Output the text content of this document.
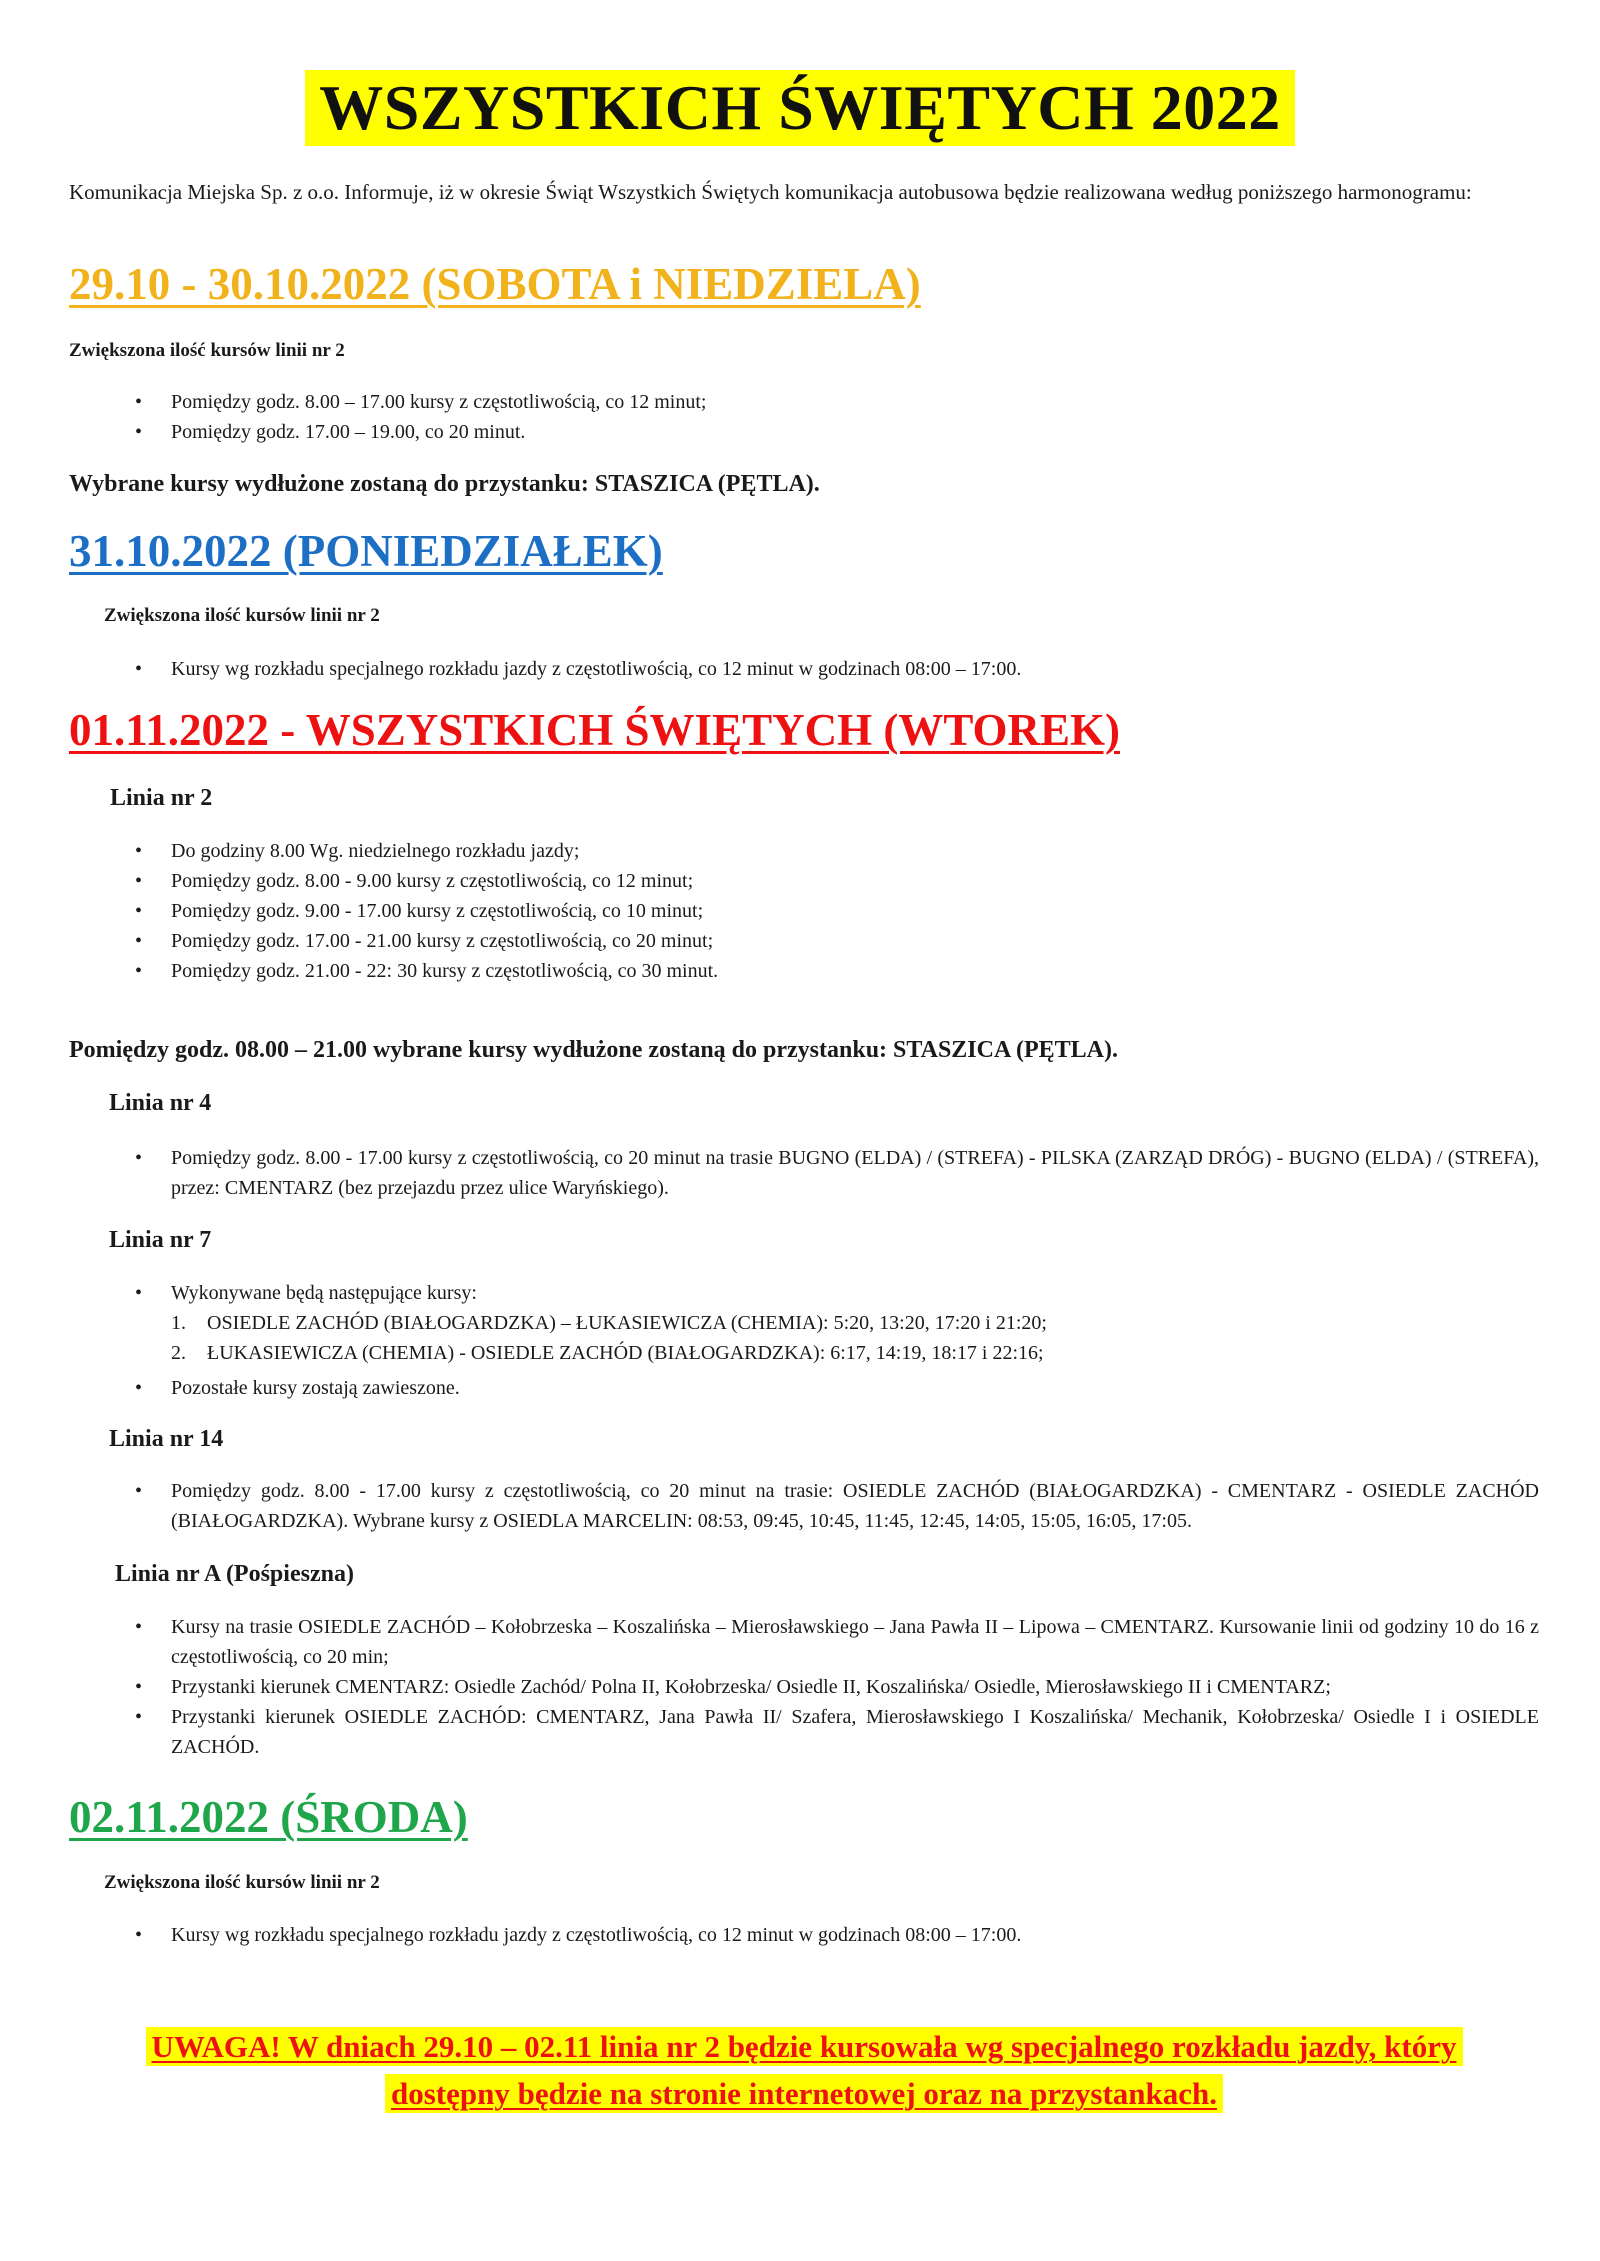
WSZYSTKICH ŚWIĘTYCH 2022
Komunikacja Miejska Sp. z o.o. Informuje, iż w okresie Świąt Wszystkich Świętych komunikacja autobusowa będzie realizowana według poniższego harmonogramu:
29.10 - 30.10.2022 (SOBOTA i NIEDZIELA)
Zwiększona ilość kursów linii nr 2
• Pomiędzy godz. 8.00 – 17.00 kursy z częstotliwością, co 12 minut;
• Pomiędzy godz. 17.00 – 19.00, co 20 minut.
Wybrane kursy wydłużone zostaną do przystanku: STASZICA (PĘTLA).
31.10.2022 (PONIEDZIAŁEK)
Zwiększona ilość kursów linii nr 2
• Kursy wg rozkładu specjalnego rozkładu jazdy z częstotliwością, co 12 minut w godzinach 08:00 – 17:00.
01.11.2022 - WSZYSTKICH ŚWIĘTYCH (WTOREK)
Linia nr 2
• Do godziny 8.00 Wg. niedzielnego rozkładu jazdy;
• Pomiędzy godz. 8.00 - 9.00 kursy z częstotliwością, co 12 minut;
• Pomiędzy godz. 9.00 - 17.00 kursy z częstotliwością, co 10 minut;
• Pomiędzy godz. 17.00 - 21.00 kursy z częstotliwością, co 20 minut;
• Pomiędzy godz. 21.00 - 22: 30 kursy z częstotliwością, co 30 minut.
Pomiędzy godz. 08.00 – 21.00 wybrane kursy wydłużone zostaną do przystanku: STASZICA (PĘTLA).
Linia nr 4
• Pomiędzy godz. 8.00 - 17.00 kursy z częstotliwością, co 20 minut na trasie BUGNO (ELDA) / (STREFA) - PILSKA (ZARZĄD DRÓG) - BUGNO (ELDA) / (STREFA), przez: CMENTARZ (bez przejazdu przez ulice Waryńskiego).
Linia nr 7
• Wykonywane będą następujące kursy:
1. OSIEDLE ZACHÓD (BIAŁOGARDZKA) – ŁUKASIEWICZA (CHEMIA): 5:20, 13:20, 17:20 i 21:20;
2. ŁUKASIEWICZA (CHEMIA) - OSIEDLE ZACHÓD (BIAŁOGARDZKA): 6:17, 14:19, 18:17 i 22:16;
• Pozostałe kursy zostają zawieszone.
Linia nr 14
• Pomiędzy godz. 8.00 - 17.00 kursy z częstotliwością, co 20 minut na trasie: OSIEDLE ZACHÓD (BIAŁOGARDZKA) - CMENTARZ - OSIEDLE ZACHÓD (BIAŁOGARDZKA). Wybrane kursy z OSIEDLA MARCELIN: 08:53, 09:45, 10:45, 11:45, 12:45, 14:05, 15:05, 16:05, 17:05.
Linia nr A (Pośpieszna)
• Kursy na trasie OSIEDLE ZACHÓD – Kołobrzeska – Koszalińska – Mierosławskiego – Jana Pawła II – Lipowa – CMENTARZ. Kursowanie linii od godziny 10 do 16 z częstotliwością, co 20 min;
• Przystanki kierunek CMENTARZ: Osiedle Zachód/ Polna II, Kołobrzeska/ Osiedle II, Koszalińska/ Osiedle, Mierosławskiego II i CMENTARZ;
• Przystanki kierunek OSIEDLE ZACHÓD: CMENTARZ, Jana Pawła II/ Szafera, Mierosławskiego I Koszalińska/ Mechanik, Kołobrzeska/ Osiedle I i OSIEDLE ZACHÓD.
02.11.2022 (ŚRODA)
Zwiększona ilość kursów linii nr 2
• Kursy wg rozkładu specjalnego rozkładu jazdy z częstotliwością, co 12 minut w godzinach 08:00 – 17:00.
UWAGA! W dniach 29.10 – 02.11 linia nr 2 będzie kursowała wg specjalnego rozkładu jazdy, który
dostępny będzie na stronie internetowej oraz na przystankach.
